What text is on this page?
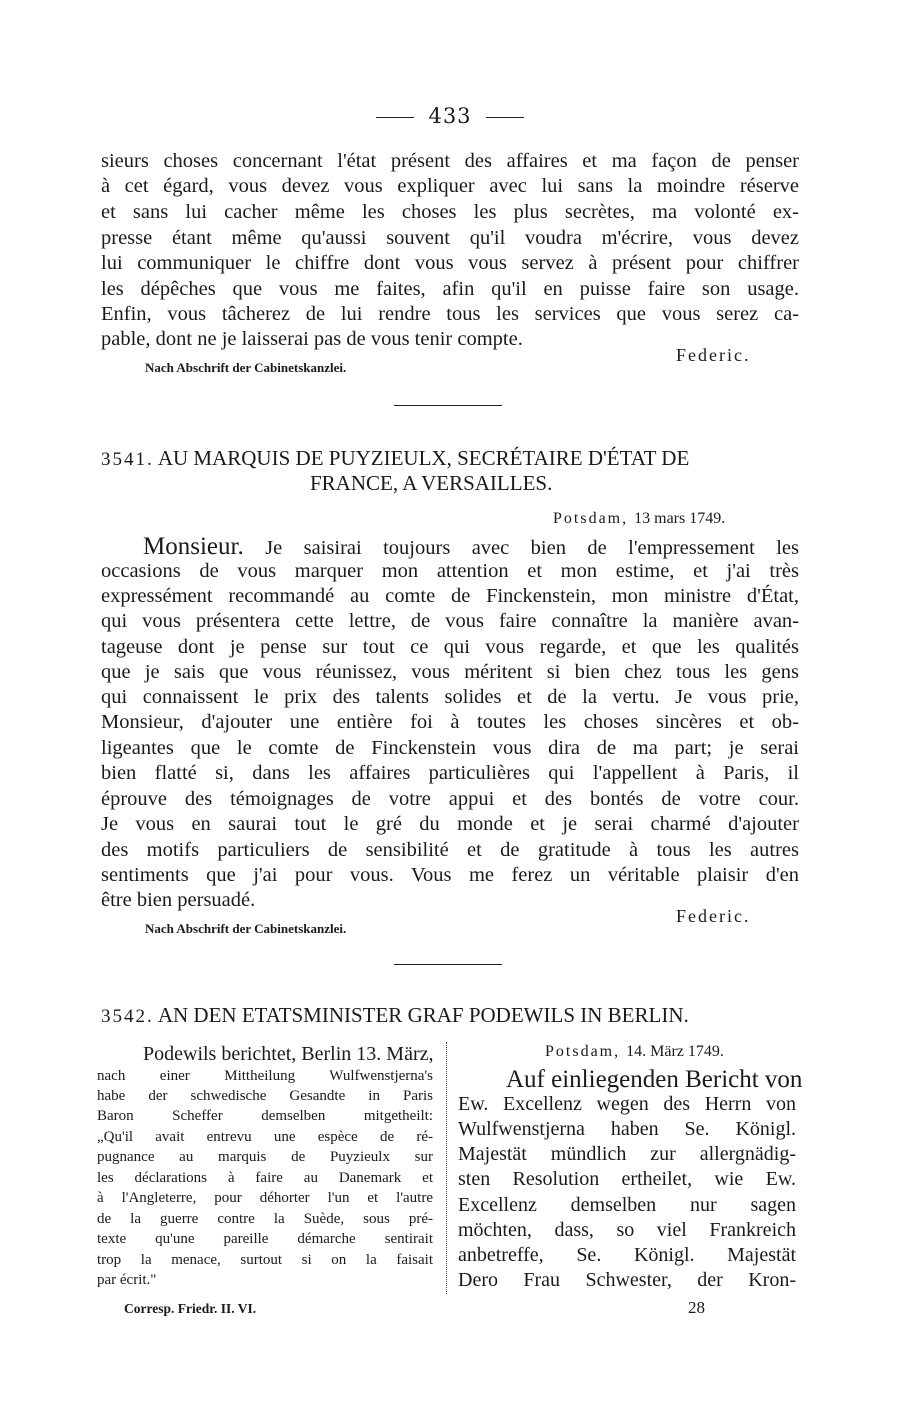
433
sieurs choses concernant l'état présent des affaires et ma façon de penser
à cet égard, vous devez vous expliquer avec lui sans la moindre réserve
et sans lui cacher même les choses les plus secrètes, ma volonté ex-
presse étant même qu'aussi souvent qu'il voudra m'écrire, vous devez
lui communiquer le chiffre dont vous vous servez à présent pour chiffrer
les dépêches que vous me faites, afin qu'il en puisse faire son usage.
Enfin, vous tâcherez de lui rendre tous les services que vous serez ca-
pable, dont ne je laisserai pas de vous tenir compte.
Federic.
Nach Abschrift der Cabinetskanzlei.
3541. AU MARQUIS DE PUYZIEULX, SECRÉTAIRE D'ÉTAT DE
FRANCE, A VERSAILLES.
Potsdam, 13 mars 1749.
Monsieur. Je saisirai toujours avec bien de l'empressement les
occasions de vous marquer mon attention et mon estime, et j'ai très
expressément recommandé au comte de Finckenstein, mon ministre d'État,
qui vous présentera cette lettre, de vous faire connaître la manière avan-
tageuse dont je pense sur tout ce qui vous regarde, et que les qualités
que je sais que vous réunissez, vous méritent si bien chez tous les gens
qui connaissent le prix des talents solides et de la vertu. Je vous prie,
Monsieur, d'ajouter une entière foi à toutes les choses sincères et ob-
ligeantes que le comte de Finckenstein vous dira de ma part; je serai
bien flatté si, dans les affaires particulières qui l'appellent à Paris, il
éprouve des témoignages de votre appui et des bontés de votre cour.
Je vous en saurai tout le gré du monde et je serai charmé d'ajouter
des motifs particuliers de sensibilité et de gratitude à tous les autres
sentiments que j'ai pour vous. Vous me ferez un véritable plaisir d'en
être bien persuadé.
Federic.
Nach Abschrift der Cabinetskanzlei.
3542. AN DEN ETATSMINISTER GRAF PODEWILS IN BERLIN.
Podewils berichtet, Berlin 13. März,
nach einer Mittheilung Wulfwenstjerna's
habe der schwedische Gesandte in Paris
Baron Scheffer demselben mitgetheilt:
„Qu'il avait entrevu une espèce de ré-
pugnance au marquis de Puyzieulx sur
les déclarations à faire au Danemark et
à l'Angleterre, pour déhorter l'un et l'autre
de la guerre contre la Suède, sous pré-
texte qu'une pareille démarche sentirait
trop la menace, surtout si on la faisait
par écrit."
Potsdam, 14. März 1749.
Auf einliegenden Bericht von
Ew. Excellenz wegen des Herrn von
Wulfwenstjerna haben Se. Königl.
Majestät mündlich zur allergnädig-
sten Resolution ertheilet, wie Ew.
Excellenz demselben nur sagen
möchten, dass, so viel Frankreich
anbetreffe, Se. Königl. Majestät
Dero Frau Schwester, der Kron-
Corresp. Friedr. II. VI.	28
